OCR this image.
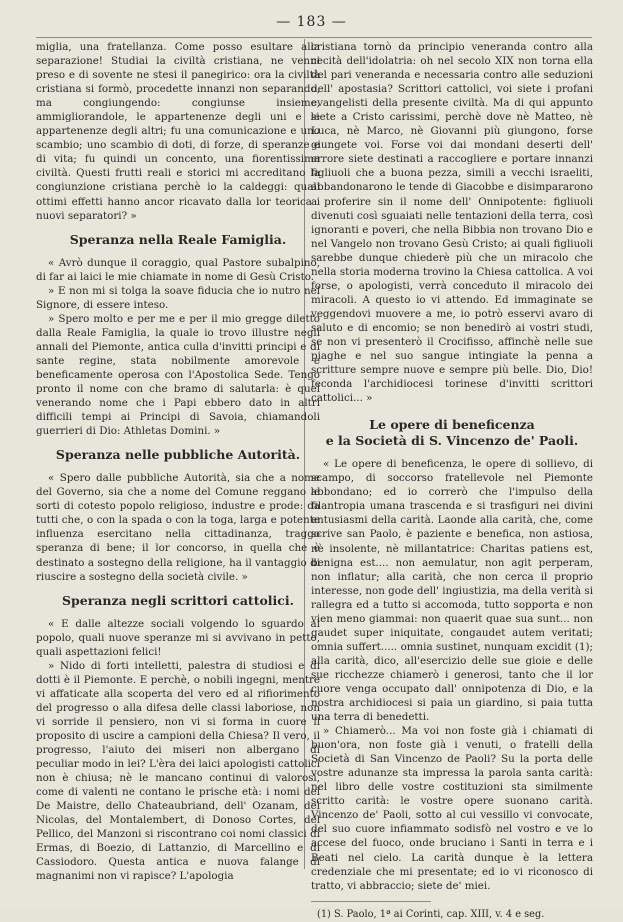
— 183 —

miglia, una fratellanza. Come posso esultare alla separazione! Studiai la civiltà cristiana, ne venni preso e di sovente ne stesi il panegirico: ora la civiltà cristiana si formò, procedette innanzi non separando, ma congiungendo: congiunse insieme, ammigliorandole, le appartenenze degli uni e le appartenenze degli altri; fu una comunicazione e uno scambio; uno scambio di doti, di forze, di speranze e di vita; fu quindi un concento, una fiorentissima civiltà. Questi frutti reali e storici mi accreditano la congiunzione cristiana perchè io la caldeggi: quali ottimi effetti hanno ancor ricavato dalla lor teorica i nuovi separatori? »

Speranza nella Reale Famiglia.

« Avrò dunque il coraggio, qual Pastore subalpino, di far ai laici le mie chiamate in nome di Gesù Cristo.

» E non mi si tolga la soave fiducia che io nutro nel Signore, di essere inteso.

» Spero molto e per me e per il mio gregge diletto dalla Reale Famiglia, la quale io trovo illustre negli annali del Piemonte, antica culla d'invitti principi e di sante regine, stata nobilmente amorevole e beneficamente operosa con l'Apostolica Sede. Tengo pronto il nome con che bramo di salutarla: è quel venerando nome che i Papi ebbero dato in altri difficili tempi ai Principi di Savoia, chiamandoli guerrieri di Dio: Athletas Domini. »

Speranza nelle pubbliche Autorità.

« Spero dalle pubbliche Autorità, sia che a nome del Governo, sia che a nome del Comune reggano le sorti di cotesto popolo religioso, industre e prode: da tutti che, o con la spada o con la toga, larga e potente influenza esercitano nella cittadinanza, traggo speranza di bene; il lor concorso, in quella che è destinato a sostegno della religione, ha il vantaggio di riuscire a sostegno della società civile. »

Speranza negli scrittori cattolici.

« E dalle altezze sociali volgendo lo sguardo al popolo, quali nuove speranze mi si avvivano in petto, quali aspettazioni felici!

» Nido di forti intelletti, palestra di studiosi e di dotti è il Piemonte. E perchè, o nobili ingegni, mentre vi affaticate alla scoperta del vero ed al rifiorimento del progresso o alla difesa delle classi laboriose, non vi sorride il pensiero, non vi si forma in cuore il proposito di uscire a campioni della Chiesa? Il vero, il progresso, l'aiuto dei miseri non albergano di peculiar modo in lei? L'èra dei laici apologisti cattolici non è chiusa; nè le mancano continui di valorosi, come di valenti ne contano le prische età: i nomi del De Maistre, dello Chateaubriand, dell' Ozanam, del Nicolas, del Montalembert, di Donoso Cortes, del Pellico, del Manzoni si riscontrano coi nomi classici di Ermas, di Boezio, di Lattanzio, di Marcellino e di Cassiodoro. Questa antica e nuova falange di magnanimi non vi rapisce? L'apologia

cristiana tornò da principio veneranda contro alla cecità dell'idolatria: oh nel secolo XIX non torna ella del pari veneranda e necessaria contro alle seduzioni dell' apostasia? Scrittori cattolici, voi siete i profani evangelisti della presente civiltà. Ma di qui appunto siete a Cristo carissimi, perchè dove nè Matteo, nè Luca, nè Marco, nè Giovanni più giungono, forse giungete voi. Forse voi dai mondani deserti dell' errore siete destinati a raccogliere e portare innanzi figliuoli che a buona pezza, simili a vecchi israeliti, abbandonarono le tende di Giacobbe e disimpararono a proferire sin il nome dell' Onnipotente: figliuoli divenuti così sguaiati nelle tentazioni della terra, così ignoranti e poveri, che nella Bibbia non trovano Dio e nel Vangelo non trovano Gesù Cristo; ai quali figliuoli sarebbe dunque chiederè più che un miracolo che nella storia moderna trovino la Chiesa cattolica. A voi forse, o apologisti, verrà conceduto il miracolo dei miracoli. A questo io vi attendo. Ed immaginate se veggendovi muovere a me, io potrò esservi avaro di saluto e di encomio; se non benedirò ai vostri studi, se non vi presenterò il Crocifisso, affinchè nelle sue piaghe e nel suo sangue intingiate la penna a scritture sempre nuove e sempre più belle. Dio, Dio! feconda l'archidiocesi torinese d'invitti scrittori cattolici... »

Le opere di beneficenza
e la Società di S. Vincenzo de' Paoli.

« Le opere di beneficenza, le opere di sollievo, di scampo, di soccorso fratellevole nel Piemonte abbondano; ed io correrò che l'impulso della filantropia umana trascenda e si trasfiguri nei divini entusiasmi della carità. Laonde alla carità, che, come scrive san Paolo, è paziente e benefica, non astiosa, nè insolente, nè millantatrice: Charitas patiens est, benigna est.... non aemulatur, non agit perperam, non inflatur; alla carità, che non cerca il proprio interesse, non gode dell' ingiustizia, ma della verità si rallegra ed a tutto si accomoda, tutto sopporta e non vien meno giammai: non quaerit quae sua sunt... non gaudet super iniquitate, congaudet autem veritati; omnia suffert..... omnia sustinet, nunquam excidit (1); alla carità, dico, all'esercizio delle sue gioie e delle sue ricchezze chiamerò i generosi, tanto che il lor cuore venga occupato dall' onnipotenza di Dio, e la nostra archidiocesi si paia un giardino, si paia tutta una terra di benedetti.

» Chiamerò... Ma voi non foste già i chiamati di buon'ora, non foste già i venuti, o fratelli della Società di San Vincenzo de Paoli? Su la porta delle vostre adunanze sta impressa la parola santa carità: nel libro delle vostre costituzioni sta similmente scritto carità: le vostre opere suonano carità. Vincenzo de' Paoli, sotto al cui vessillo vi convocate, del suo cuore infiammato sodisfò nel vostro e ve lo accese del fuoco, onde bruciano i Santi in terra e i Beati nel cielo. La carità dunque è la lettera credenziale che mi presentate; ed io vi riconosco di tratto, vi abbraccio; siete de' miei.

(1) S. Paolo, 1ª ai Corinti, cap. XIII, v. 4 e seg.
